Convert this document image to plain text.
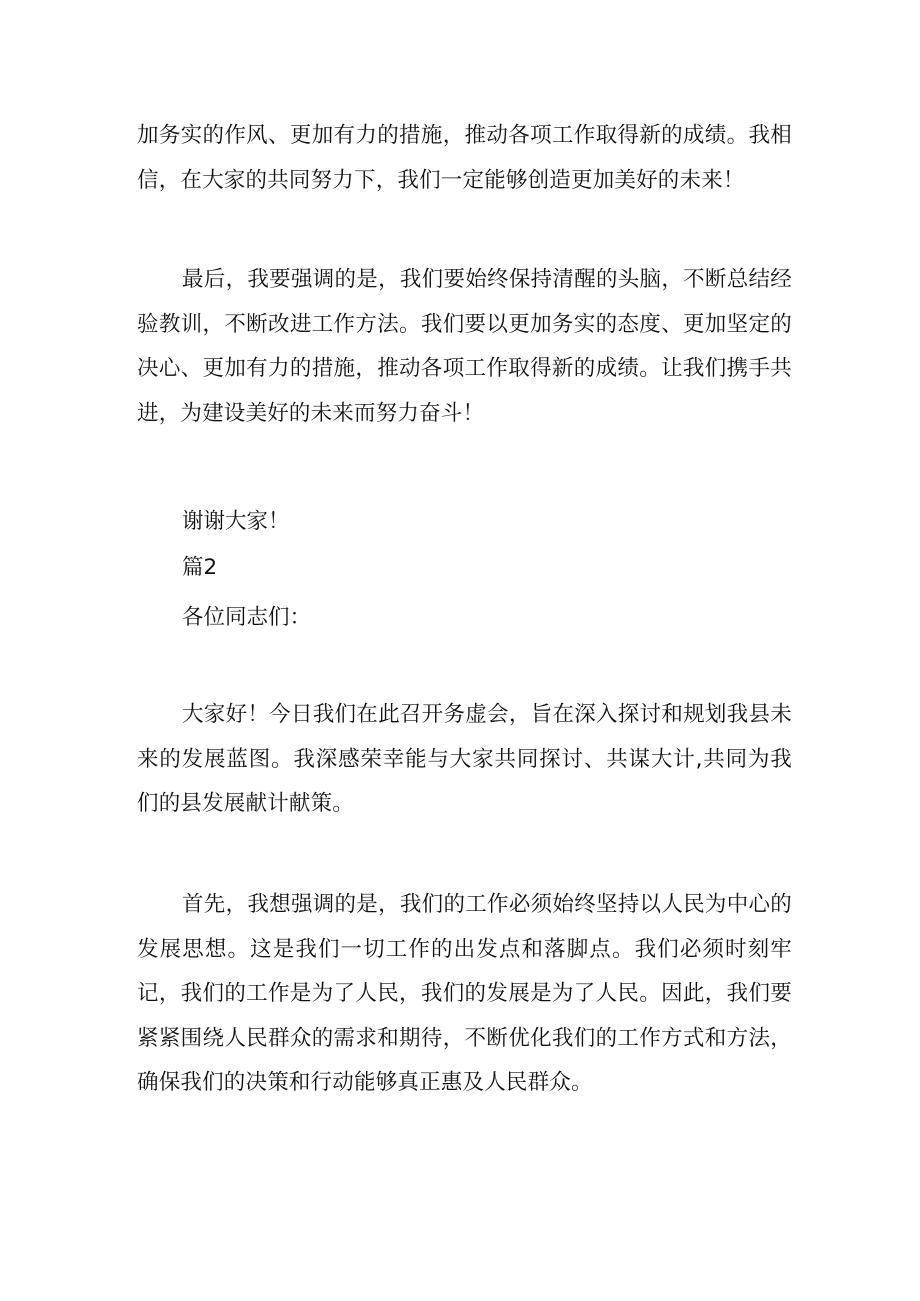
加务实的作风、更加有力的措施，推动各项工作取得新的成绩。我相信，在大家的共同努力下，我们一定能够创造更加美好的未来！

最后，我要强调的是，我们要始终保持清醒的头脑，不断总结经验教训，不断改进工作方法。我们要以更加务实的态度、更加坚定的决心、更加有力的措施，推动各项工作取得新的成绩。让我们携手共进，为建设美好的未来而努力奋斗！

谢谢大家！

篇2

各位同志们：

大家好！今日我们在此召开务虚会，旨在深入探讨和规划我县未来的发展蓝图。我深感荣幸能与大家共同探讨、共谋大计,共同为我们的县发展献计献策。

首先，我想强调的是，我们的工作必须始终坚持以人民为中心的发展思想。这是我们一切工作的出发点和落脚点。我们必须时刻牢记，我们的工作是为了人民，我们的发展是为了人民。因此，我们要紧紧围绕人民群众的需求和期待，不断优化我们的工作方式和方法，确保我们的决策和行动能够真正惠及人民群众。
